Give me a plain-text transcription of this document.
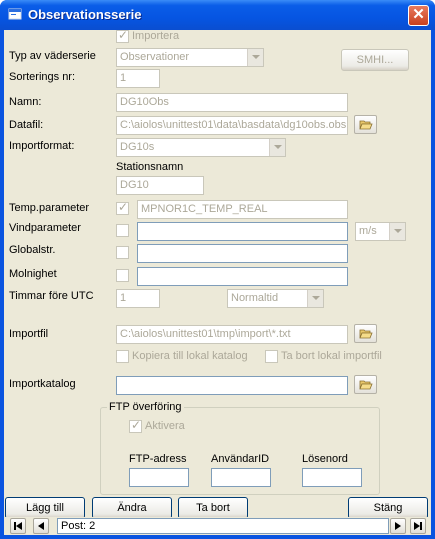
Observationsserie	✕
✓
Importera
Typ av väderserie	Observationer	SMHI...
Sorterings nr:	1
Namn:	DG10Obs
Datafil:	C:\aiolos\unittest01\data\basdata\dg10obs.obs
Importformat:	DG10s
Stationsnamn
DG10
Temp.parameter
✓	MPNOR1C_TEMP_REAL
Vindparameter	m/s
Globalstr.
Molnighet
Timmar före UTC	1	Normaltid
Importfil	C:\aiolos\unittest01\tmp\import\*.txt
Kopiera till lokal katalog	Ta bort lokal importfil
Importkatalog
FTP överföring
✓
Aktivera
FTP-adress AnvändarID	Lösenord
Lägg till	Ändra	Ta bort	Stäng
Post: 2
